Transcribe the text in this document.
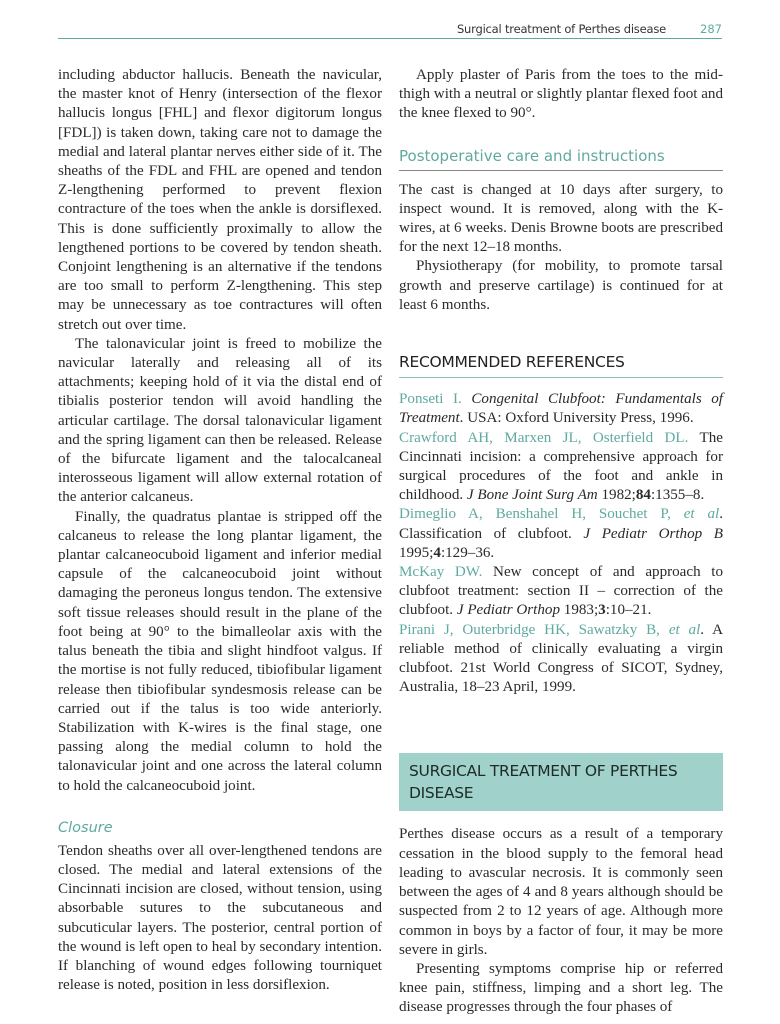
Surgical treatment of Perthes disease	287

including abductor hallucis. Beneath the navicular, the master knot of Henry (intersection of the flexor hallucis longus [FHL] and flexor digitorum longus [FDL]) is taken down, taking care not to damage the medial and lateral plantar nerves either side of it. The sheaths of the FDL and FHL are opened and tendon Z-lengthening performed to prevent flexion contracture of the toes when the ankle is dorsiflexed. This is done sufficiently proximally to allow the lengthened portions to be covered by tendon sheath. Conjoint lengthening is an alternative if the tendons are too small to perform Z-lengthening. This step may be unnecessary as toe contractures will often stretch out over time.

The talonavicular joint is freed to mobilize the navicular laterally and releasing all of its attachments; keeping hold of it via the distal end of tibialis posterior tendon will avoid handling the articular cartilage. The dorsal talonavicular ligament and the spring ligament can then be released. Release of the bifurcate ligament and the talocalcaneal interosseous ligament will allow external rotation of the anterior calcaneus.

Finally, the quadratus plantae is stripped off the calcaneus to release the long plantar ligament, the plantar calcaneocuboid ligament and inferior medial capsule of the calcaneocuboid joint without damaging the peroneus longus tendon. The extensive soft tissue releases should result in the plane of the foot being at 90° to the bimalleolar axis with the talus beneath the tibia and slight hindfoot valgus. If the mortise is not fully reduced, tibiofibular ligament release then tibiofibular syndesmosis release can be carried out if the talus is too wide anteriorly. Stabilization with K-wires is the final stage, one passing along the medial column to hold the talonavicular joint and one across the lateral column to hold the calcaneocuboid joint.

Closure

Tendon sheaths over all over-lengthened tendons are closed. The medial and lateral extensions of the Cincinnati incision are closed, without tension, using absorbable sutures to the subcutaneous and subcuticular layers. The posterior, central portion of the wound is left open to heal by secondary intention. If blanching of wound edges following tourniquet release is noted, position in less dorsiflexion.

Apply plaster of Paris from the toes to the mid-thigh with a neutral or slightly plantar flexed foot and the knee flexed to 90°.

Postoperative care and instructions

The cast is changed at 10 days after surgery, to inspect wound. It is removed, along with the K-wires, at 6 weeks. Denis Browne boots are prescribed for the next 12–18 months.

Physiotherapy (for mobility, to promote tarsal growth and preserve cartilage) is continued for at least 6 months.

RECOMMENDED REFERENCES

Ponseti I. Congenital Clubfoot: Fundamentals of Treatment. USA: Oxford University Press, 1996.

Crawford AH, Marxen JL, Osterfield DL. The Cincinnati incision: a comprehensive approach for surgical procedures of the foot and ankle in childhood. J Bone Joint Surg Am 1982;84:1355–8.

Dimeglio A, Benshahel H, Souchet P, et al. Classification of clubfoot. J Pediatr Orthop B 1995;4:129–36.

McKay DW. New concept of and approach to clubfoot treatment: section II – correction of the clubfoot. J Pediatr Orthop 1983;3:10–21.

Pirani J, Outerbridge HK, Sawatzky B, et al. A reliable method of clinically evaluating a virgin clubfoot. 21st World Congress of SICOT, Sydney, Australia, 18–23 April, 1999.

SURGICAL TREATMENT OF PERTHES DISEASE

Perthes disease occurs as a result of a temporary cessation in the blood supply to the femoral head leading to avascular necrosis. It is commonly seen between the ages of 4 and 8 years although should be suspected from 2 to 12 years of age. Although more common in boys by a factor of four, it may be more severe in girls.

Presenting symptoms comprise hip or referred knee pain, stiffness, limping and a short leg. The disease progresses through the four phases of
